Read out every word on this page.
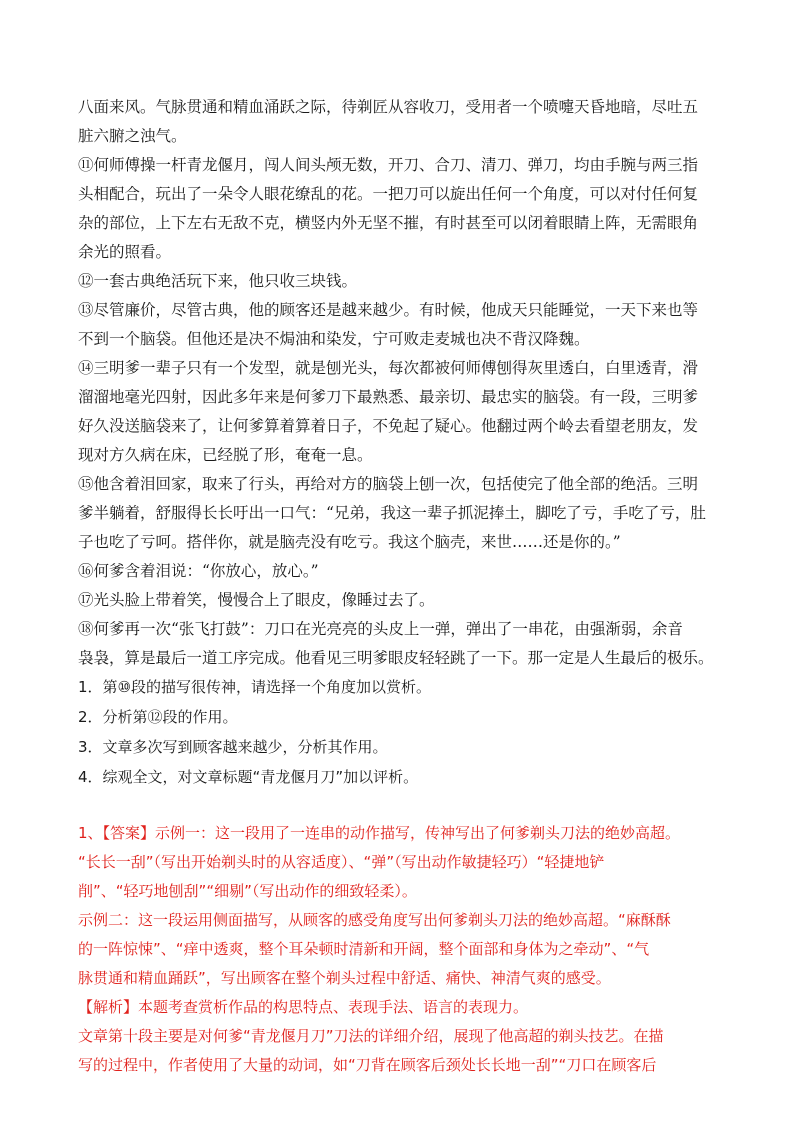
八面来风。气脉贯通和精血涌跃之际，待剃匠从容收刀，受用者一个喷嚏天昏地暗，尽吐五
脏六腑之浊气。
⑪何师傅操一杆青龙偃月，闯人间头颅无数，开刀、合刀、清刀、弹刀，均由手腕与两三指
头相配合，玩出了一朵令人眼花缭乱的花。一把刀可以旋出任何一个角度，可以对付任何复
杂的部位，上下左右无敌不克，横竖内外无坚不摧，有时甚至可以闭着眼睛上阵，无需眼角
余光的照看。
⑫一套古典绝活玩下来，他只收三块钱。
⑬尽管廉价，尽管古典，他的顾客还是越来越少。有时候，他成天只能睡觉，一天下来也等
不到一个脑袋。但他还是决不焗油和染发，宁可败走麦城也决不背汉降魏。
⑭三明爹一辈子只有一个发型，就是刨光头，每次都被何师傅刨得灰里透白，白里透青，滑
溜溜地毫光四射，因此多年来是何爹刀下最熟悉、最亲切、最忠实的脑袋。有一段，三明爹
好久没送脑袋来了，让何爹算着算着日子，不免起了疑心。他翻过两个岭去看望老朋友，发
现对方久病在床，已经脱了形，奄奄一息。
⑮他含着泪回家，取来了行头，再给对方的脑袋上刨一次，包括使完了他全部的绝活。三明
爹半躺着，舒服得长长吁出一口气：“兄弟，我这一辈子抓泥捧土，脚吃了亏，手吃了亏，肚
子也吃了亏呵。搭伴你，就是脑壳没有吃亏。我这个脑壳，来世……还是你的。”
⑯何爹含着泪说：“你放心，放心。”
⑰光头脸上带着笑，慢慢合上了眼皮，像睡过去了。
⑱何爹再一次“张飞打鼓”：刀口在光亮亮的头皮上一弹，弹出了一串花，由强渐弱，余音
袅袅，算是最后一道工序完成。他看见三明爹眼皮轻轻跳了一下。那一定是人生最后的极乐。
1．第⑩段的描写很传神，请选择一个角度加以赏析。
2．分析第⑫段的作用。
3．文章多次写到顾客越来越少，分析其作用。
4．综观全文，对文章标题“青龙偃月刀”加以评析。
1、【答案】示例一：这一段用了一连串的动作描写，传神写出了何爹剃头刀法的绝妙高超。
“长长一刮”（写出开始剃头时的从容适度）、“弹”（写出动作敏捷轻巧）“轻捷地铲
削”、“轻巧地刨刮”“细剔”（写出动作的细致轻柔）。
示例二：这一段运用侧面描写，从顾客的感受角度写出何爹剃头刀法的绝妙高超。“麻酥酥
的一阵惊悚”、“痒中透爽，整个耳朵顿时清新和开阔，整个面部和身体为之牵动”、“气
脉贯通和精血踊跃”，写出顾客在整个剃头过程中舒适、痛快、神清气爽的感受。
【解析】本题考查赏析作品的构思特点、表现手法、语言的表现力。
文章第十段主要是对何爹“青龙偃月刀”刀法的详细介绍，展现了他高超的剃头技艺。在描
写的过程中，作者使用了大量的动词，如“刀背在顾客后颈处长长地一刮”“刀口在顾客后
